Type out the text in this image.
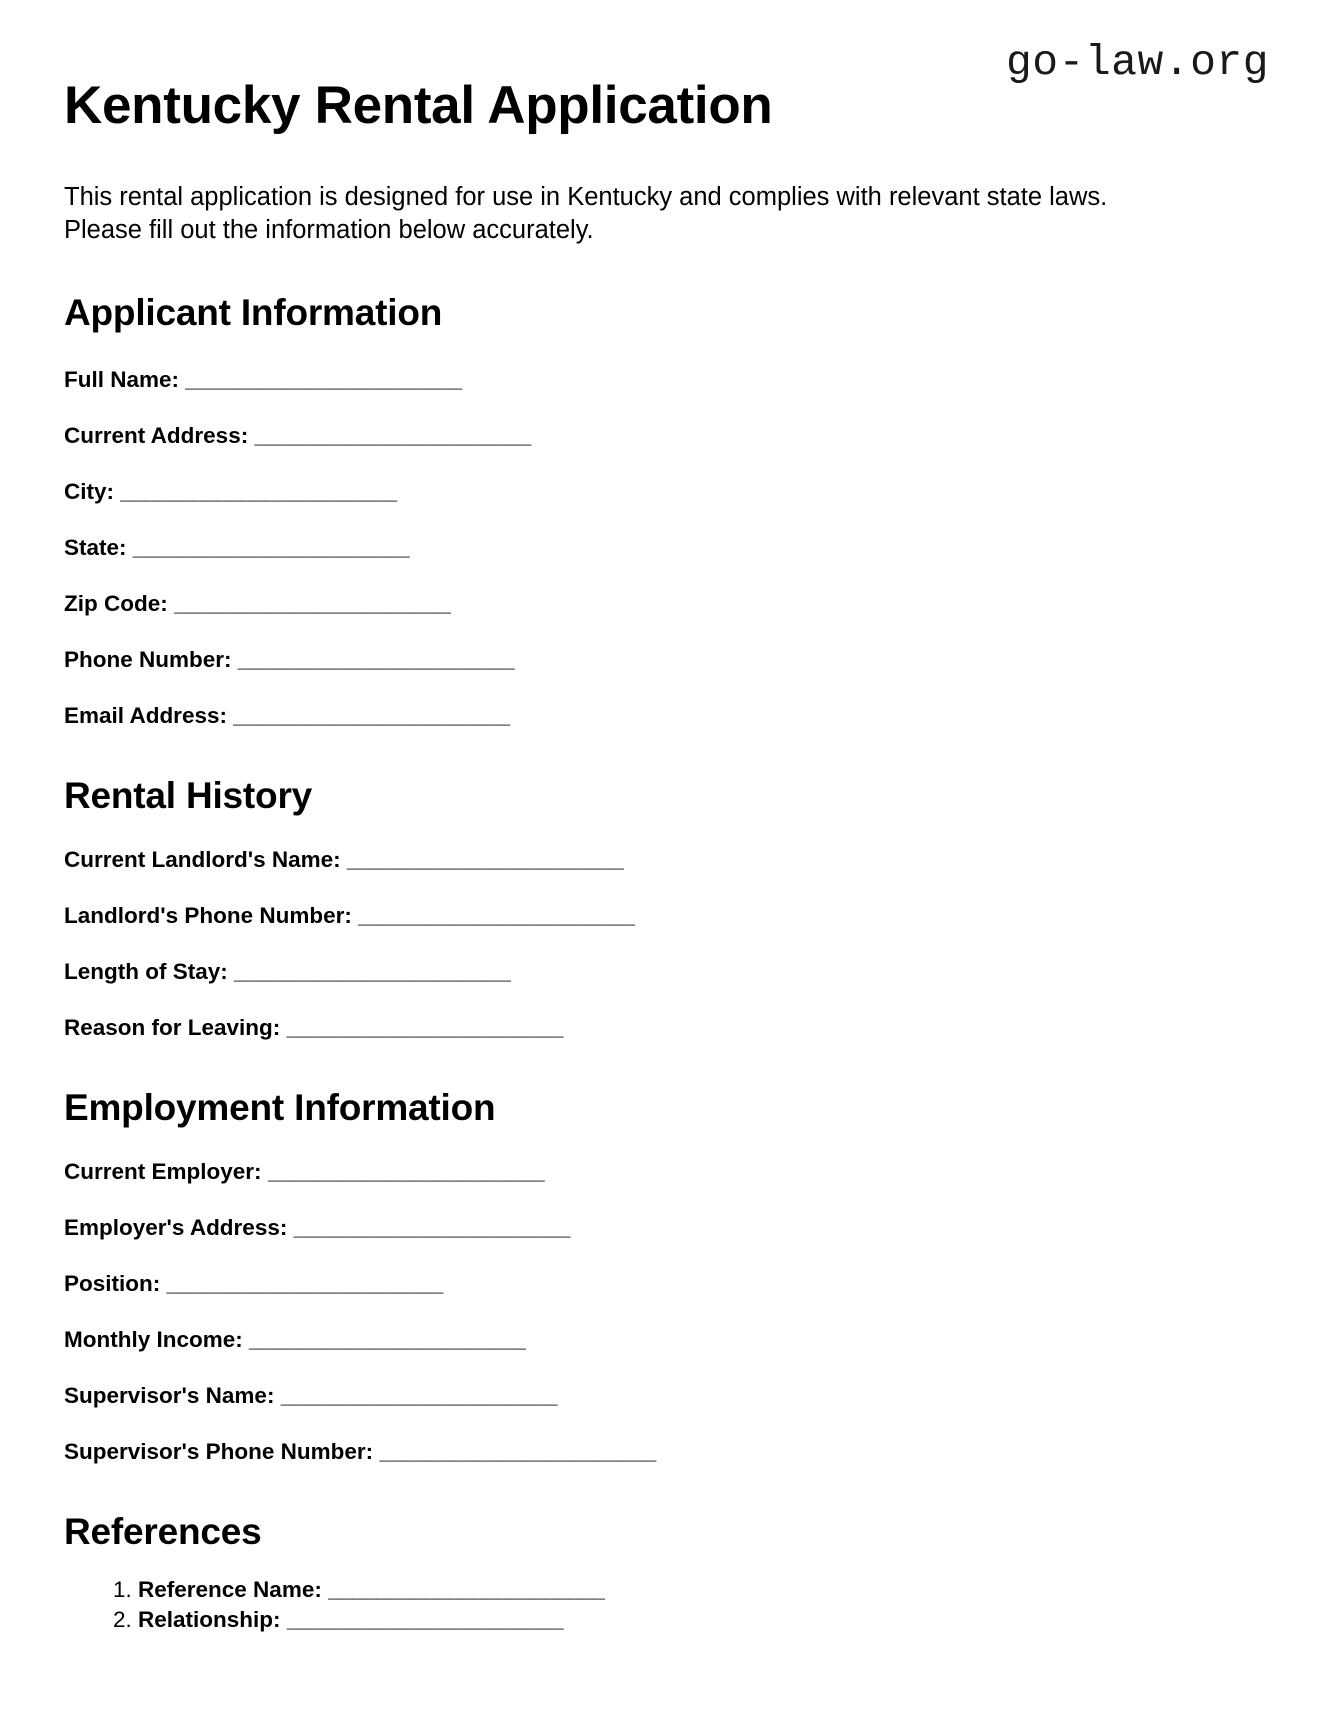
go-law.org
Kentucky Rental Application

This rental application is designed for use in Kentucky and complies with relevant state laws. Please fill out the information below accurately.

Applicant Information
Full Name: _______________________
Current Address: _______________________
City: _______________________
State: _______________________
Zip Code: _______________________
Phone Number: _______________________
Email Address: _______________________
Rental History
Current Landlord's Name: _______________________
Landlord's Phone Number: _______________________
Length of Stay: _______________________
Reason for Leaving: _______________________
Employment Information
Current Employer: _______________________
Employer's Address: _______________________
Position: _______________________
Monthly Income: _______________________
Supervisor's Name: _______________________
Supervisor's Phone Number: _______________________
References
1. Reference Name: _______________________
2. Relationship: _______________________
